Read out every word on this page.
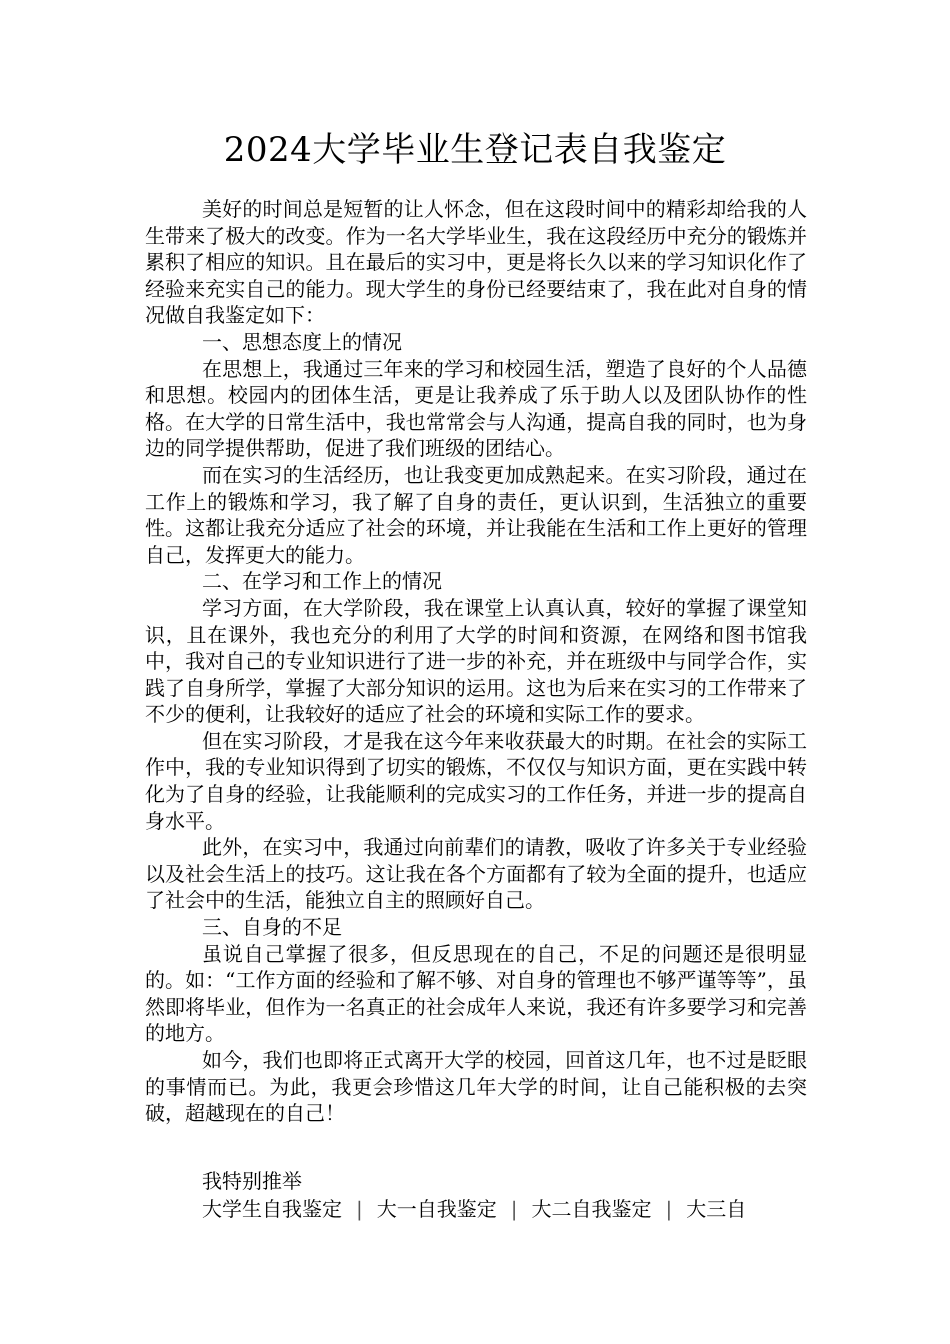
2024大学毕业生登记表自我鉴定

美好的时间总是短暂的让人怀念，但在这段时间中的精彩却给我的人生带来了极大的改变。作为一名大学毕业生，我在这段经历中充分的锻炼并累积了相应的知识。且在最后的实习中，更是将长久以来的学习知识化作了经验来充实自己的能力。现大学生的身份已经要结束了，我在此对自身的情况做自我鉴定如下：

一、思想态度上的情况

在思想上，我通过三年来的学习和校园生活，塑造了良好的个人品德和思想。校园内的团体生活，更是让我养成了乐于助人以及团队协作的性格。在大学的日常生活中，我也常常会与人沟通，提高自我的同时，也为身边的同学提供帮助，促进了我们班级的团结心。

而在实习的生活经历，也让我变更加成熟起来。在实习阶段，通过在工作上的锻炼和学习，我了解了自身的责任，更认识到，生活独立的重要性。这都让我充分适应了社会的环境，并让我能在生活和工作上更好的管理自己，发挥更大的能力。

二、在学习和工作上的情况

学习方面，在大学阶段，我在课堂上认真认真，较好的掌握了课堂知识，且在课外，我也充分的利用了大学的时间和资源，在网络和图书馆我中，我对自己的专业知识进行了进一步的补充，并在班级中与同学合作，实践了自身所学，掌握了大部分知识的运用。这也为后来在实习的工作带来了不少的便利，让我较好的适应了社会的环境和实际工作的要求。

但在实习阶段，才是我在这今年来收获最大的时期。在社会的实际工作中，我的专业知识得到了切实的锻炼，不仅仅与知识方面，更在实践中转化为了自身的经验，让我能顺利的完成实习的工作任务，并进一步的提高自身水平。

此外，在实习中，我通过向前辈们的请教，吸收了许多关于专业经验以及社会生活上的技巧。这让我在各个方面都有了较为全面的提升，也适应了社会中的生活，能独立自主的照顾好自己。

三、自身的不足

虽说自己掌握了很多，但反思现在的自己，不足的问题还是很明显的。如：“工作方面的经验和了解不够、对自身的管理也不够严谨等等”，虽然即将毕业，但作为一名真正的社会成年人来说，我还有许多要学习和完善的地方。

如今，我们也即将正式离开大学的校园，回首这几年，也不过是眨眼的事情而已。为此，我更会珍惜这几年大学的时间，让自己能积极的去突破，超越现在的自己！

我特别推举
大学生自我鉴定 | 大一自我鉴定 | 大二自我鉴定 | 大三自
